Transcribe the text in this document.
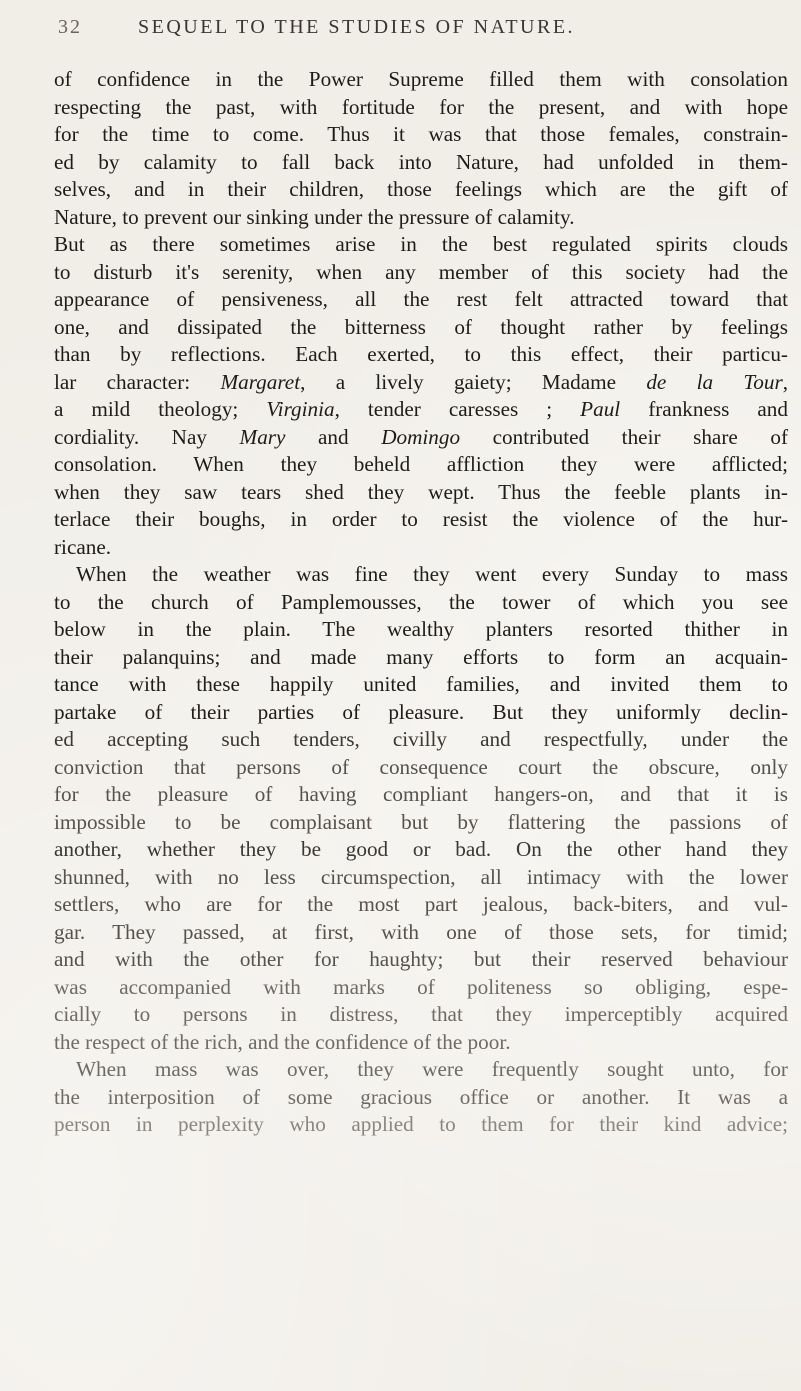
32	SEQUEL TO THE STUDIES OF NATURE.
of confidence in the Power Supreme filled them with consolation
respecting the past, with fortitude for the present, and with hope
for the time to come. Thus it was that those females, constrain-
ed by calamity to fall back into Nature, had unfolded in them-
selves, and in their children, those feelings which are the gift of
Nature, to prevent our sinking under the pressure of calamity.
But as there sometimes arise in the best regulated spirits clouds
to disturb it's serenity, when any member of this society had the
appearance of pensiveness, all the rest felt attracted toward that
one, and dissipated the bitterness of thought rather by feelings
than by reflections. Each exerted, to this effect, their particu-
lar character: Margaret, a lively gaiety; Madame de la Tour,
a mild theology; Virginia, tender caresses ; Paul frankness and
cordiality. Nay Mary and Domingo contributed their share of
consolation. When they beheld affliction they were afflicted;
when they saw tears shed they wept. Thus the feeble plants in-
terlace their boughs, in order to resist the violence of the hur-
ricane.
When the weather was fine they went every Sunday to mass
to the church of Pamplemousses, the tower of which you see
below in the plain. The wealthy planters resorted thither in
their palanquins; and made many efforts to form an acquain-
tance with these happily united families, and invited them to
partake of their parties of pleasure. But they uniformly declin-
ed accepting such tenders, civilly and respectfully, under the
conviction that persons of consequence court the obscure, only
for the pleasure of having compliant hangers-on, and that it is
impossible to be complaisant but by flattering the passions of
another, whether they be good or bad. On the other hand they
shunned, with no less circumspection, all intimacy with the lower
settlers, who are for the most part jealous, back-biters, and vul-
gar. They passed, at first, with one of those sets, for timid;
and with the other for haughty; but their reserved behaviour
was accompanied with marks of politeness so obliging, espe-
cially to persons in distress, that they imperceptibly acquired
the respect of the rich, and the confidence of the poor.
When mass was over, they were frequently sought unto, for
the interposition of some gracious office or another. It was a
person in perplexity who applied to them for their kind advice;
